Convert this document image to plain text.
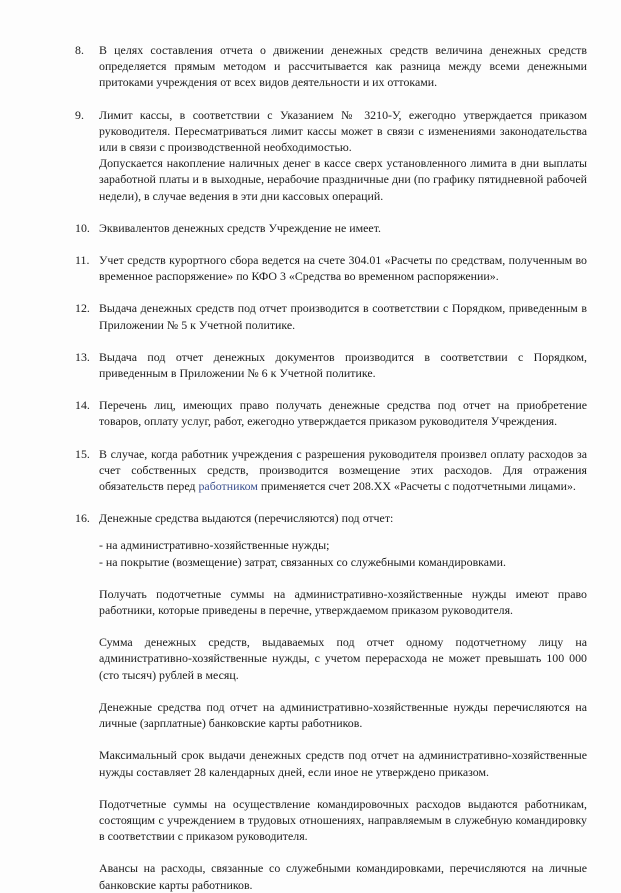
8. В целях составления отчета о движении денежных средств величина денежных средств определяется прямым методом и рассчитывается как разница между всеми денежными притоками учреждения от всех видов деятельности и их оттоками.

9. Лимит кассы, в соответствии с Указанием № 3210-У, ежегодно утверждается приказом руководителя. Пересматриваться лимит кассы может в связи с изменениями законодательства или в связи с производственной необходимостью.

Допускается накопление наличных денег в кассе сверх установленного лимита в дни выплаты заработной платы и в выходные, нерабочие праздничные дни (по графику пятидневной рабочей недели), в случае ведения в эти дни кассовых операций.

10. Эквивалентов денежных средств Учреждение не имеет.

11. Учет средств курортного сбора ведется на счете 304.01 «Расчеты по средствам, полученным во временное распоряжение» по КФО 3 «Средства во временном распоряжении».

12. Выдача денежных средств под отчет производится в соответствии с Порядком, приведенным в Приложении № 5 к Учетной политике.

13. Выдача под отчет денежных документов производится в соответствии с Порядком, приведенным в Приложении № 6 к Учетной политике.

14. Перечень лиц, имеющих право получать денежные средства под отчет на приобретение товаров, оплату услуг, работ, ежегодно утверждается приказом руководителя Учреждения.

15. В случае, когда работник учреждения с разрешения руководителя произвел оплату расходов за счет собственных средств, производится возмещение этих расходов. Для отражения обязательств перед работником применяется счет 208.ХХ «Расчеты с подотчетными лицами».

16. Денежные средства выдаются (перечисляются) под отчет:

- на административно-хозяйственные нужды;

- на покрытие (возмещение) затрат, связанных со служебными командировками.

Получать подотчетные суммы на административно-хозяйственные нужды имеют право работники, которые приведены в перечне, утверждаемом приказом руководителя.

Сумма денежных средств, выдаваемых под отчет одному подотчетному лицу на административно-хозяйственные нужды, с учетом перерасхода не может превышать 100 000 (сто тысяч) рублей в месяц.

Денежные средства под отчет на административно-хозяйственные нужды перечисляются на личные (зарплатные) банковские карты работников.

Максимальный срок выдачи денежных средств под отчет на административно-хозяйственные нужды составляет 28 календарных дней, если иное не утверждено приказом.

Подотчетные суммы на осуществление командировочных расходов выдаются работникам, состоящим с учреждением в трудовых отношениях, направляемым в служебную командировку в соответствии с приказом руководителя.

Авансы на расходы, связанные со служебными командировками, перечисляются на личные банковские карты работников.
